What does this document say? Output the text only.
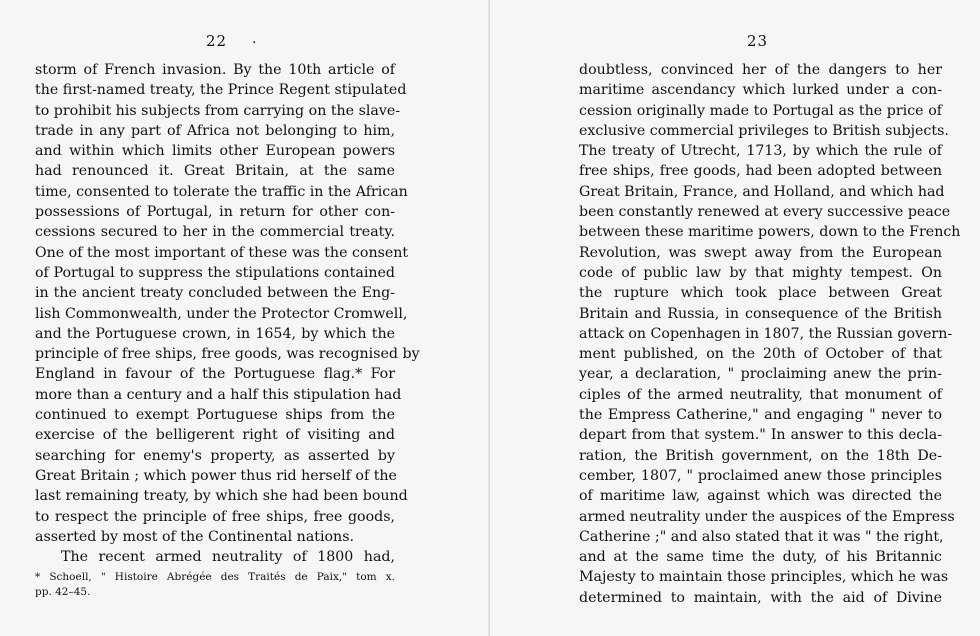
22 .
storm of French invasion. By the 10th article of
the first-named treaty, the Prince Regent stipulated
to prohibit his subjects from carrying on the slave-
trade in any part of Africa not belonging to him,
and within which limits other European powers
had renounced it. Great Britain, at the same
time, consented to tolerate the traffic in the African
possessions of Portugal, in return for other con-
cessions secured to her in the commercial treaty.
One of the most important of these was the consent
of Portugal to suppress the stipulations contained
in the ancient treaty concluded between the Eng-
lish Commonwealth, under the Protector Cromwell,
and the Portuguese crown, in 1654, by which the
principle of free ships, free goods, was recognised by
England in favour of the Portuguese flag.* For
more than a century and a half this stipulation had
continued to exempt Portuguese ships from the
exercise of the belligerent right of visiting and
searching for enemy's property, as asserted by
Great Britain ; which power thus rid herself of the
last remaining treaty, by which she had been bound
to respect the principle of free ships, free goods,
asserted by most of the Continental nations.
The recent armed neutrality of 1800 had,
* Schoell, " Histoire Abrégée des Traités de Paix," tom x.
pp. 42–45.
23
doubtless, convinced her of the dangers to her
maritime ascendancy which lurked under a con-
cession originally made to Portugal as the price of
exclusive commercial privileges to British subjects.
The treaty of Utrecht, 1713, by which the rule of
free ships, free goods, had been adopted between
Great Britain, France, and Holland, and which had
been constantly renewed at every successive peace
between these maritime powers, down to the French
Revolution, was swept away from the European
code of public law by that mighty tempest. On
the rupture which took place between Great
Britain and Russia, in consequence of the British
attack on Copenhagen in 1807, the Russian govern-
ment published, on the 20th of October of that
year, a declaration, " proclaiming anew the prin-
ciples of the armed neutrality, that monument of
the Empress Catherine," and engaging " never to
depart from that system." In answer to this decla-
ration, the British government, on the 18th De-
cember, 1807, " proclaimed anew those principles
of maritime law, against which was directed the
armed neutrality under the auspices of the Empress
Catherine ;" and also stated that it was " the right,
and at the same time the duty, of his Britannic
Majesty to maintain those principles, which he was
determined to maintain, with the aid of Divine
